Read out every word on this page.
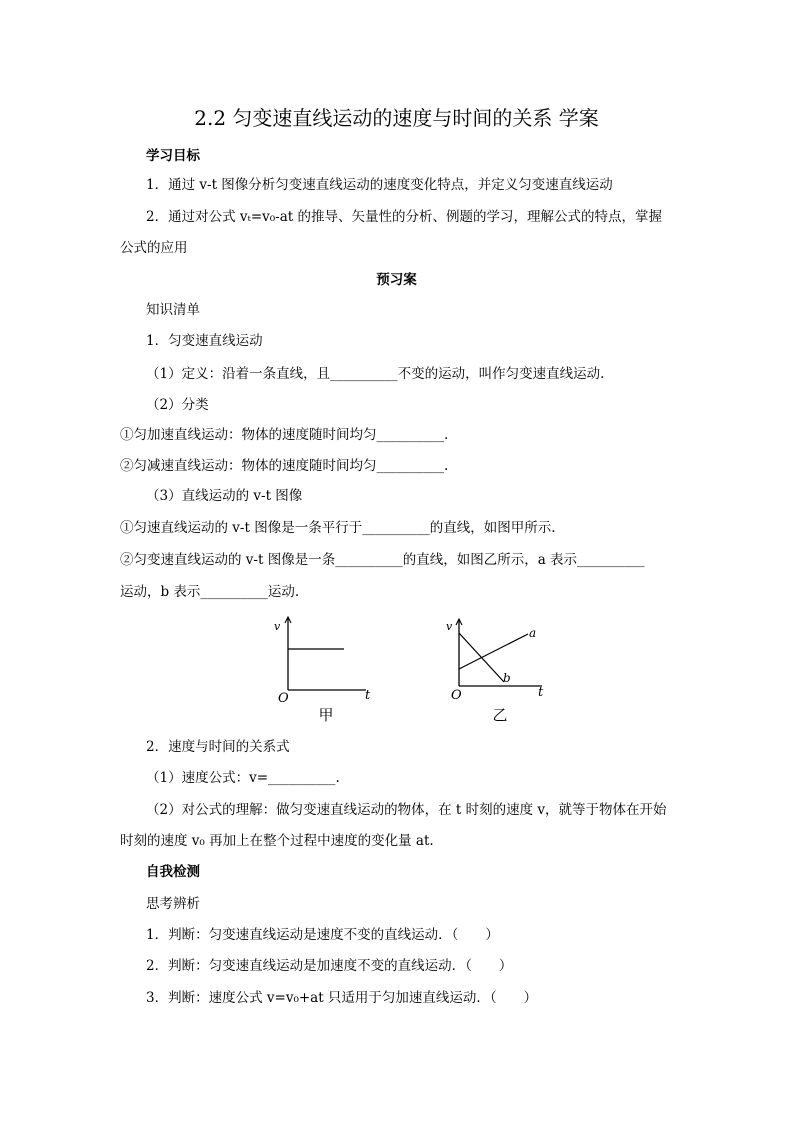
2.2 匀变速直线运动的速度与时间的关系 学案
学习目标
1．通过 v-t 图像分析匀变速直线运动的速度变化特点，并定义匀变速直线运动
2．通过对公式 vₜ=v₀-at 的推导、矢量性的分析、例题的学习，理解公式的特点，掌握
公式的应用
预习案
知识清单
1．匀变速直线运动
（1）定义：沿着一条直线，且__________不变的运动，叫作匀变速直线运动.
（2）分类
①匀加速直线运动：物体的速度随时间均匀__________.
②匀减速直线运动：物体的速度随时间均匀__________.
（3）直线运动的 v-t 图像
①匀速直线运动的 v-t 图像是一条平行于__________的直线，如图甲所示.
②匀变速直线运动的 v-t 图像是一条__________的直线，如图乙所示，a 表示__________
运动，b 表示__________运动.
v
t
O
甲
v
t
O
a
b
乙
2．速度与时间的关系式
（1）速度公式：v=__________.
（2）对公式的理解：做匀变速直线运动的物体，在 t 时刻的速度 v，就等于物体在开始
时刻的速度 v₀ 再加上在整个过程中速度的变化量 at.
自我检测
思考辨析
1．判断：匀变速直线运动是速度不变的直线运动．（　　）
2．判断：匀变速直线运动是加速度不变的直线运动．（　　）
3．判断：速度公式 v=v₀+at 只适用于匀加速直线运动．（　　）
